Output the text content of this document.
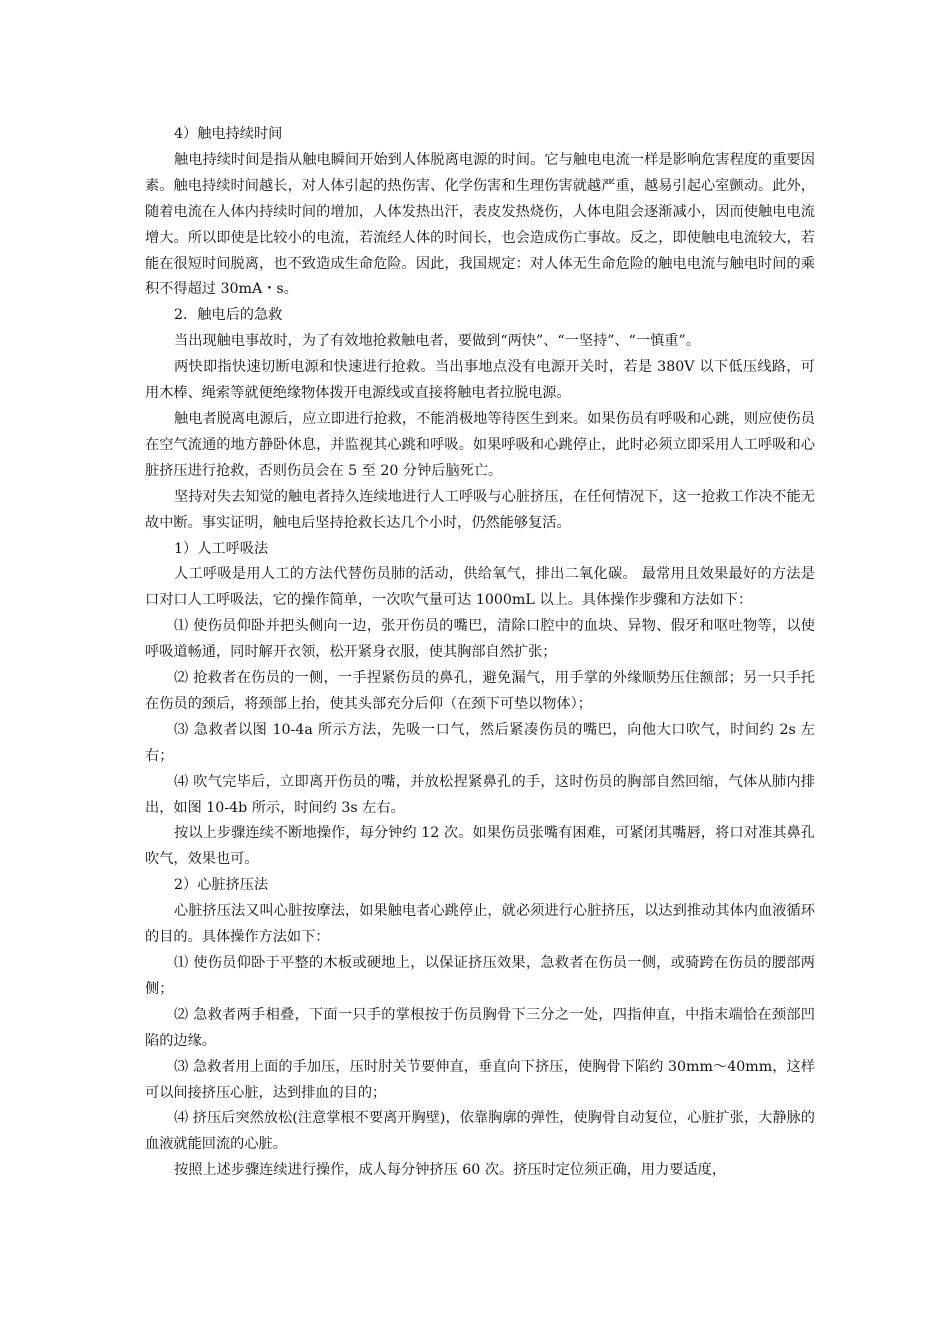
4）触电持续时间

触电持续时间是指从触电瞬间开始到人体脱离电源的时间。它与触电电流一样是影响危害程度的重要因素。触电持续时间越长，对人体引起的热伤害、化学伤害和生理伤害就越严重，越易引起心室颤动。此外，随着电流在人体内持续时间的增加，人体发热出汗，表皮发热烧伤，人体电阻会逐渐减小，因而使触电电流增大。所以即使是比较小的电流，若流经人体的时间长，也会造成伤亡事故。反之，即使触电电流较大，若能在很短时间脱离，也不致造成生命危险。因此，我国规定：对人体无生命危险的触电电流与触电时间的乘积不得超过 30mA・s。

2．触电后的急救

当出现触电事故时，为了有效地抢救触电者，要做到“两快”、“一坚持”、“一慎重”。

两快即指快速切断电源和快速进行抢救。当出事地点没有电源开关时，若是 380V 以下低压线路，可用木棒、绳索等就便绝缘物体拨开电源线或直接将触电者拉脱电源。

触电者脱离电源后，应立即进行抢救，不能消极地等待医生到来。如果伤员有呼吸和心跳，则应使伤员在空气流通的地方静卧休息，并监视其心跳和呼吸。如果呼吸和心跳停止，此时必须立即采用人工呼吸和心脏挤压进行抢救，否则伤员会在 5 至 20 分钟后脑死亡。

坚持对失去知觉的触电者持久连续地进行人工呼吸与心脏挤压，在任何情况下，这一抢救工作决不能无故中断。事实证明，触电后坚持抢救长达几个小时，仍然能够复活。

1）人工呼吸法

人工呼吸是用人工的方法代替伤员肺的活动，供给氧气，排出二氧化碳。 最常用且效果最好的方法是口对口人工呼吸法，它的操作简单，一次吹气量可达 1000mL 以上。具体操作步骤和方法如下：

⑴ 使伤员仰卧并把头侧向一边，张开伤员的嘴巴，清除口腔中的血块、异物、假牙和呕吐物等，以使呼吸道畅通，同时解开衣领，松开紧身衣服，使其胸部自然扩张；

⑵ 抢救者在伤员的一侧，一手捏紧伤员的鼻孔，避免漏气，用手掌的外缘顺势压住额部；另一只手托在伤员的颈后，将颈部上抬，使其头部充分后仰（在颈下可垫以物体）；

⑶ 急救者以图 10-4a 所示方法，先吸一口气，然后紧凑伤员的嘴巴，向他大口吹气，时间约 2s 左右；

⑷ 吹气完毕后，立即离开伤员的嘴，并放松捏紧鼻孔的手，这时伤员的胸部自然回缩，气体从肺内排出，如图 10-4b 所示，时间约 3s 左右。

按以上步骤连续不断地操作，每分钟约 12 次。如果伤员张嘴有困难，可紧闭其嘴唇，将口对准其鼻孔吹气，效果也可。

2）心脏挤压法

心脏挤压法又叫心脏按摩法，如果触电者心跳停止，就必须进行心脏挤压，以达到推动其体内血液循环的目的。具体操作方法如下：

⑴ 使伤员仰卧于平整的木板或硬地上，以保证挤压效果，急救者在伤员一侧，或骑跨在伤员的腰部两侧；

⑵ 急救者两手相叠，下面一只手的掌根按于伤员胸骨下三分之一处，四指伸直，中指末端恰在颈部凹陷的边缘。

⑶ 急救者用上面的手加压，压时肘关节要伸直，垂直向下挤压，使胸骨下陷约 30mm～40mm，这样可以间接挤压心脏，达到排血的目的；

⑷ 挤压后突然放松(注意掌根不要离开胸壁)，依靠胸廓的弹性，使胸骨自动复位，心脏扩张，大静脉的血液就能回流的心脏。

按照上述步骤连续进行操作，成人每分钟挤压 60 次。挤压时定位须正确，用力要适度，
